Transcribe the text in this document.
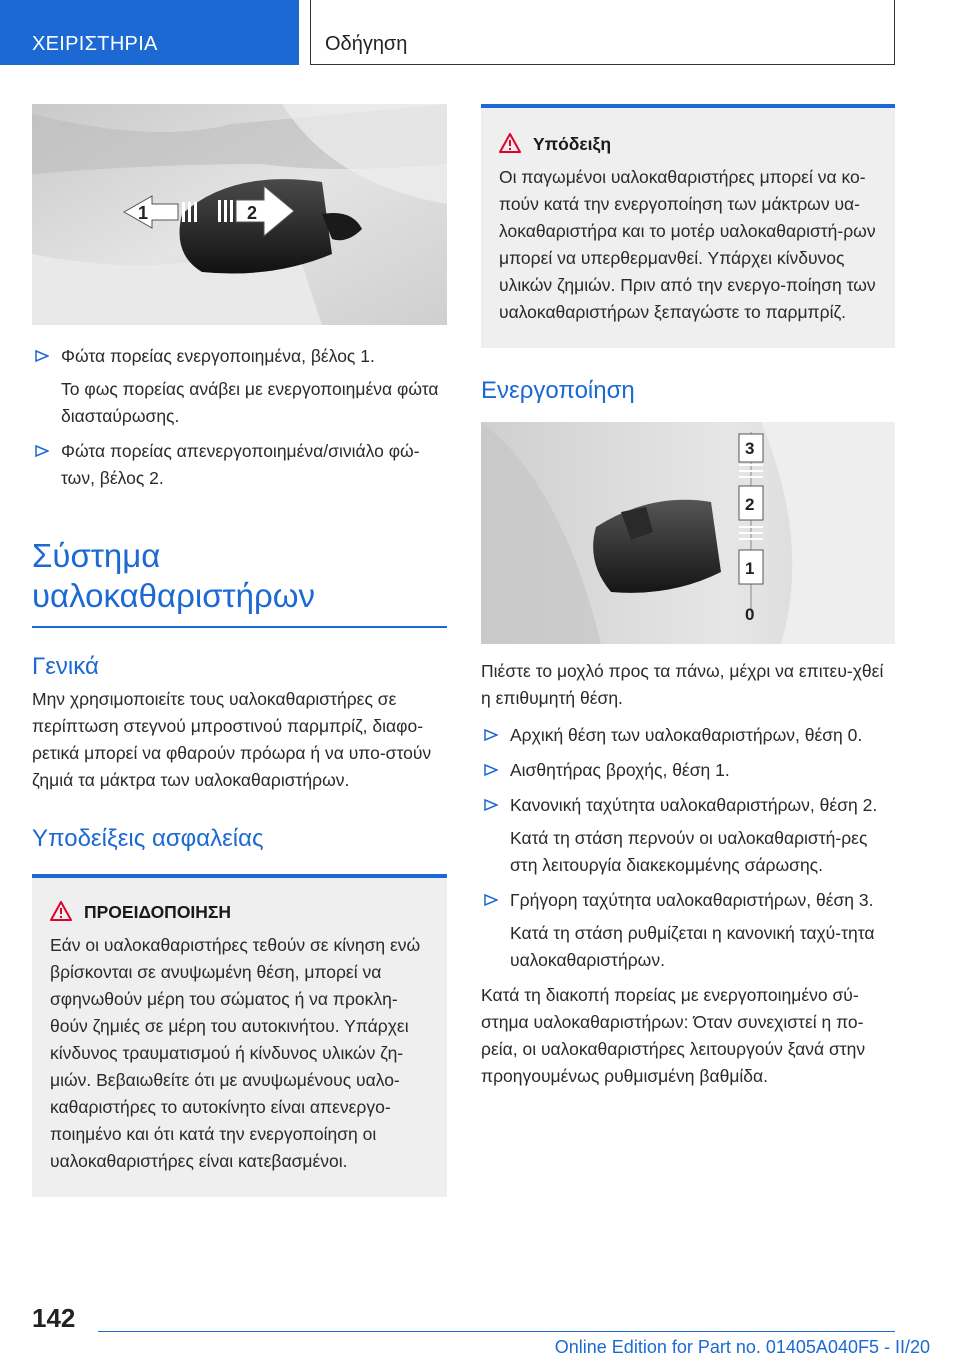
ΧΕΙΡΙΣΤΗΡΙΑ	Οδήγηση
1	2
Φώτα πορείας ενεργοποιημένα, βέλος 1.
Το φως πορείας ανάβει με ενεργοποιημένα φώτα διασταύρωσης.
Φώτα πορείας απενεργοποιημένα/σινιάλο φώ-των, βέλος 2.
Σύστημα
υαλοκαθαριστήρων
Γενικά

Μην χρησιμοποιείτε τους υαλοκαθαριστήρες σε περίπτωση στεγνού μπροστινού παρμπρίζ, διαφο-ρετικά μπορεί να φθαρούν πρόωρα ή να υπο-στούν ζημιά τα μάκτρα των υαλοκαθαριστήρων.

Υποδείξεις ασφαλείας
ΠΡΟΕΙΔΟΠΟΙΗΣΗ

Εάν οι υαλοκαθαριστήρες τεθούν σε κίνηση ενώ βρίσκονται σε ανυψωμένη θέση, μπορεί να σφηνωθούν μέρη του σώματος ή να προκλη-θούν ζημιές σε μέρη του αυτοκινήτου. Υπάρχει κίνδυνος τραυματισμού ή κίνδυνος υλικών ζη-μιών. Βεβαιωθείτε ότι με ανυψωμένους υαλο-καθαριστήρες το αυτοκίνητο είναι απενεργο-ποιημένο και ότι κατά την ενεργοποίηση οι υαλοκαθαριστήρες είναι κατεβασμένοι.

Υπόδειξη

Οι παγωμένοι υαλοκαθαριστήρες μπορεί να κο-πούν κατά την ενεργοποίηση των μάκτρων υα-λοκαθαριστήρα και το μοτέρ υαλοκαθαριστή-ρων μπορεί να υπερθερμανθεί. Υπάρχει κίνδυνος υλικών ζημιών. Πριν από την ενεργο-ποίηση των υαλοκαθαριστήρων ξεπαγώστε το παρμπρίζ.

Ενεργοποίηση
3
2
1
0

Πιέστε το μοχλό προς τα πάνω, μέχρι να επιτευ-χθεί η επιθυμητή θέση.

Αρχική θέση των υαλοκαθαριστήρων, θέση 0.
Αισθητήρας βροχής, θέση 1.
Κανονική ταχύτητα υαλοκαθαριστήρων, θέση 2.
Κατά τη στάση περνούν οι υαλοκαθαριστή-ρες στη λειτουργία διακεκομμένης σάρωσης.
Γρήγορη ταχύτητα υαλοκαθαριστήρων, θέση 3.
Κατά τη στάση ρυθμίζεται η κανονική ταχύ-τητα υαλοκαθαριστήρων.

Κατά τη διακοπή πορείας με ενεργοποιημένο σύ-στημα υαλοκαθαριστήρων: Όταν συνεχιστεί η πο-ρεία, οι υαλοκαθαριστήρες λειτουργούν ξανά στην προηγουμένως ρυθμισμένη βαθμίδα.

142
Online Edition for Part no. 01405A040F5 - II/20
